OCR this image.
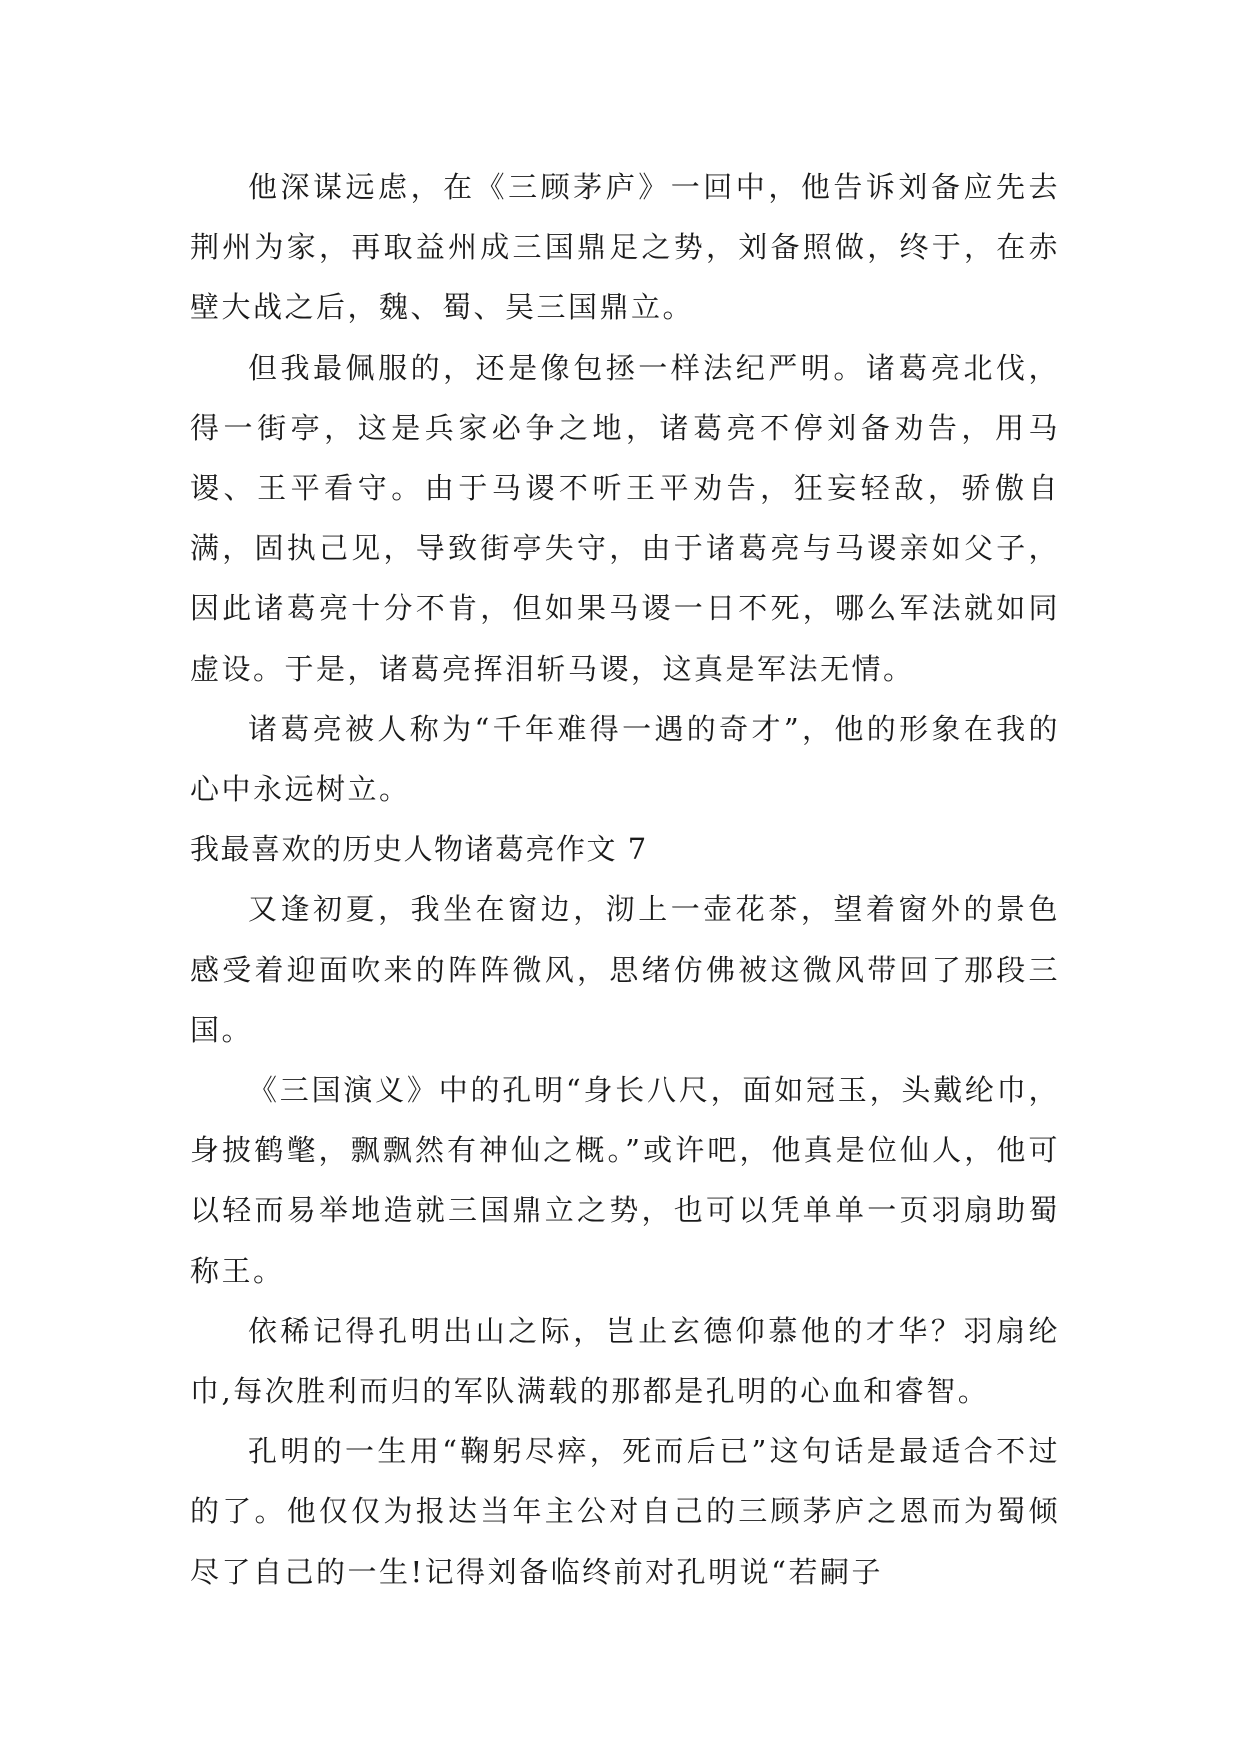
他深谋远虑，在《三顾茅庐》一回中，他告诉刘备应先去荆州为家，再取益州成三国鼎足之势，刘备照做，终于，在赤壁大战之后，魏、蜀、吴三国鼎立。

但我最佩服的，还是像包拯一样法纪严明。诸葛亮北伐，得一街亭，这是兵家必争之地，诸葛亮不停刘备劝告，用马谡、王平看守。由于马谡不听王平劝告，狂妄轻敌，骄傲自满，固执己见，导致街亭失守，由于诸葛亮与马谡亲如父子，因此诸葛亮十分不肯，但如果马谡一日不死，哪么军法就如同虚设。于是，诸葛亮挥泪斩马谡，这真是军法无情。

诸葛亮被人称为“千年难得一遇的奇才”，他的形象在我的心中永远树立。

我最喜欢的历史人物诸葛亮作文 7

又逢初夏，我坐在窗边，沏上一壶花茶，望着窗外的景色感受着迎面吹来的阵阵微风，思绪仿佛被这微风带回了那段三国。

《三国演义》中的孔明“身长八尺，面如冠玉，头戴纶巾，身披鹤氅，飘飘然有神仙之概。”或许吧，他真是位仙人，他可以轻而易举地造就三国鼎立之势，也可以凭单单一页羽扇助蜀称王。

依稀记得孔明出山之际，岂止玄德仰慕他的才华？羽扇纶巾,每次胜利而归的军队满载的那都是孔明的心血和睿智。

孔明的一生用“鞠躬尽瘁，死而后已”这句话是最适合不过的了。他仅仅为报达当年主公对自己的三顾茅庐之恩而为蜀倾尽了自己的一生!记得刘备临终前对孔明说“若嗣子
